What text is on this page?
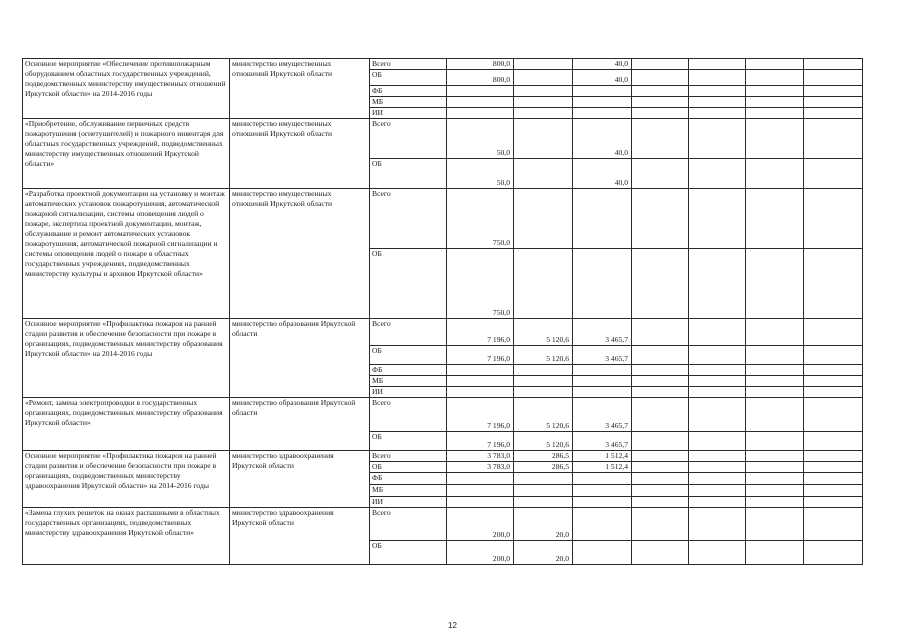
Основное мероприятие «Обеспечение противопожарным оборудованием областных государственных учреждений, подведомственных министерству имущественных отношений Иркутской области» на 2014-2016 годы	министерство имущественных отношений Иркутской области	Всего	800,0		40,0				
		ОБ	800,0		40,0				
		ФБ							
		МБ							
		ИИ							
«Приобретение, обслуживание первичных средств пожаротушения (огнетушителей) и пожарного инвентаря для областных государственных учреждений, подведомственных министерству имущественных отношений Иркутской области»	министерство имущественных отношений Иркутской области	Всего	50,0		40,0				
		ОБ	50,0		40,0				
«Разработка проектной документации на установку и монтаж автоматических установок пожаротушения, автоматической пожарной сигнализации, системы оповещения людей о пожаре, экспертиза проектной документации, монтаж, обслуживание и ремонт автоматических установок пожаротушения, автоматической пожарной сигнализации и системы оповещения людей о пожаре в областных государственных учреждениях, подведомственных министерству культуры и архивов Иркутской области»	министерство имущественных отношений Иркутской области	Всего	750,0						
		ОБ	750,0						
Основное мероприятие «Профилактика пожаров на ранней стадии развития и обеспечение безопасности при пожаре в организациях, подведомственных министерству образования Иркутской области» на 2014-2016 годы	министерство образования Иркутской области	Всего	7 196,0	5 120,6	3 465,7				
		ОБ	7 196,0	5 120,6	3 465,7				
		ФБ							
		МБ							
		ИИ							
«Ремонт, замена электропроводки в государственных организациях, подведомственных министерству образования Иркутской области»	министерство образования Иркутской области	Всего	7 196,0	5 120,6	3 465,7				
		ОБ	7 196,0	5 120,6	3 465,7				
Основное мероприятие «Профилактика пожаров на ранней стадии развития и обеспечение безопасности при пожаре в организациях, подведомственных министерству здравоохранения Иркутской области» на 2014-2016 годы	министерство здравоохранения Иркутской области	Всего	3 783,0	286,5	1 512,4				
		ОБ	3 783,0	286,5	1 512,4				
		ФБ							
		МБ							
		ИИ							
«Замена глухих решеток на окнах распашными в областных государственных организациях, подведомственных министерству здравоохранения Иркутской области»	министерство здравоохранения Иркутской области	Всего	200,0	20,0					
		ОБ	200,0	20,0					
12
